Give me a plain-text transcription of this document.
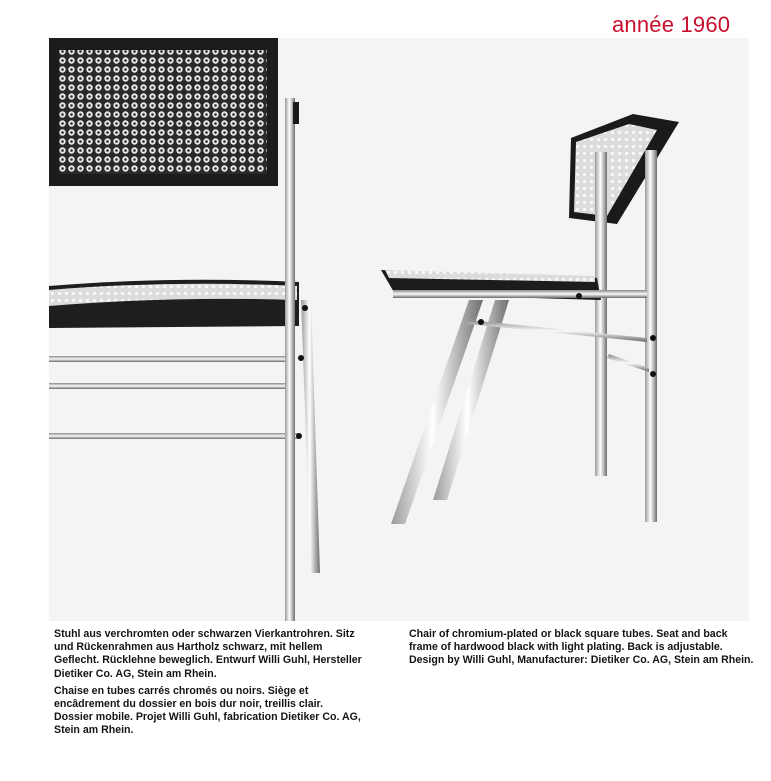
année 1960

Stuhl aus verchromten oder schwarzen Vierkantrohren. Sitz und Rückenrahmen aus Hartholz schwarz, mit hellem Geflecht. Rücklehne beweglich. Entwurf Willi Guhl, Hersteller Dietiker Co. AG, Stein am Rhein.

Chaise en tubes carrés chromés ou noirs. Siège et encâdrement du dossier en bois dur noir, treillis clair. Dossier mobile. Projet Willi Guhl, fabrication Dietiker Co. AG, Stein am Rhein.

Chair of chromium-plated or black square tubes. Seat and back frame of hardwood black with light plating. Back is adjustable. Design by Willi Guhl, Manufacturer: Dietiker Co. AG, Stein am Rhein.
